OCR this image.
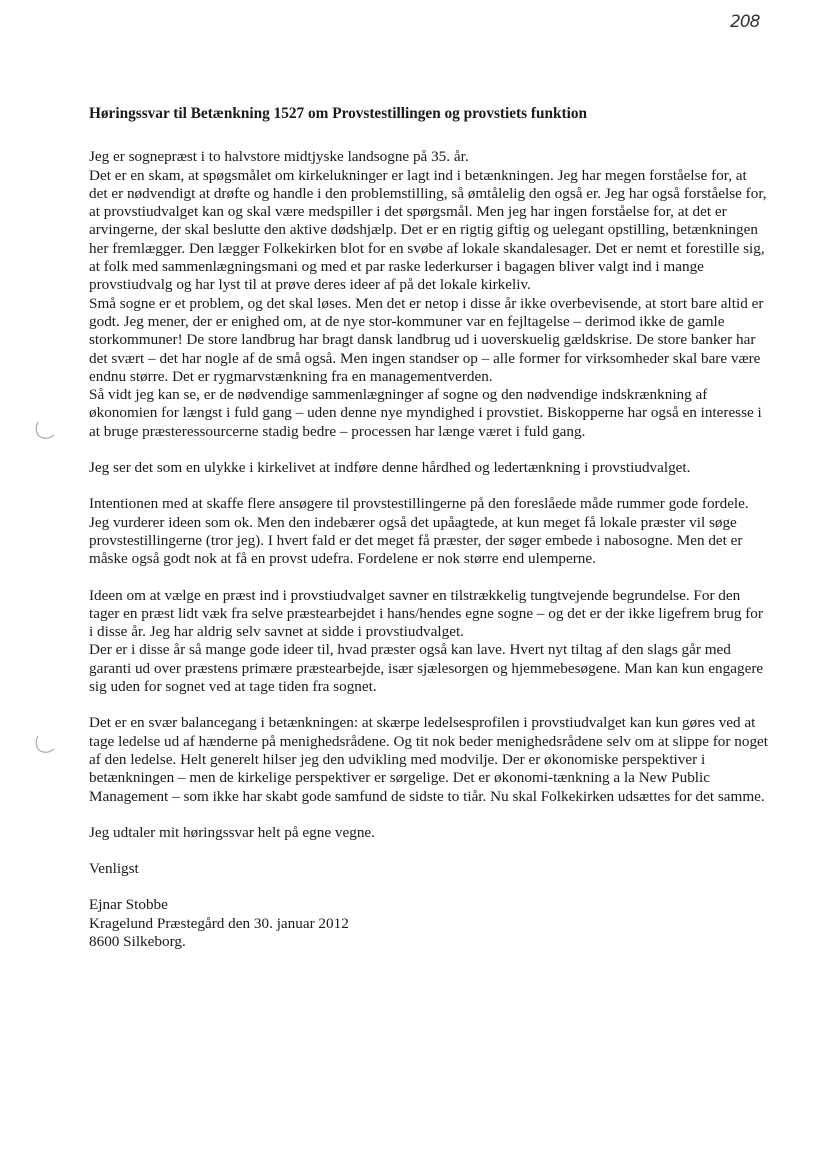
208

Høringssvar til Betænkning 1527 om Provstestillingen og provstiets funktion

Jeg er sognepræst i to halvstore midtjyske landsogne på 35. år.

Det er en skam, at spøgsmålet om kirkelukninger er lagt ind i betænkningen. Jeg har megen forståelse for, at det er nødvendigt at drøfte og handle i den problemstilling, så ømtålelig den også er. Jeg har også forståelse for, at provstiudvalget kan og skal være medspiller i det spørgsmål. Men jeg har ingen forståelse for, at det er arvingerne, der skal beslutte den aktive dødshjælp. Det er en rigtig giftig og uelegant opstilling, betænkningen her fremlægger. Den lægger Folkekirken blot for en svøbe af lokale skandalesager. Det er nemt et forestille sig, at folk med sammenlægningsmani og med et par raske lederkurser i bagagen bliver valgt ind i mange provstiudvalg og har lyst til at prøve deres ideer af på det lokale kirkeliv.

Små sogne er et problem, og det skal løses. Men det er netop i disse år ikke overbevisende, at stort bare altid er godt. Jeg mener, der er enighed om, at de nye stor-kommuner var en fejltagelse – derimod ikke de gamle storkommuner! De store landbrug har bragt dansk landbrug ud i uoverskuelig gældskrise. De store banker har det svært – det har nogle af de små også. Men ingen standser op – alle former for virksomheder skal bare være endnu større. Det er rygmarvstænkning fra en managementverden.

Så vidt jeg kan se, er de nødvendige sammenlægninger af sogne og den nødvendige indskrænkning af økonomien for længst i fuld gang – uden denne nye myndighed i provstiet. Biskopperne har også en interesse i at bruge præsteressourcerne stadig bedre – processen har længe været i fuld gang.

Jeg ser det som en ulykke i kirkelivet at indføre denne hårdhed og ledertænkning i provstiudvalget.

Intentionen med at skaffe flere ansøgere til provstestillingerne på den foreslåede måde rummer gode fordele. Jeg vurderer ideen som ok. Men den indebærer også det upåagtede, at kun meget få lokale præster vil søge provstestillingerne (tror jeg). I hvert fald er det meget få præster, der søger embede i nabosogne. Men det er måske også godt nok at få en provst udefra. Fordelene er nok større end ulemperne.

Ideen om at vælge en præst ind i provstiudvalget savner en tilstrækkelig tungtvejende begrundelse. For den tager en præst lidt væk fra selve præstearbejdet i hans/hendes egne sogne – og det er der ikke ligefrem brug for i disse år. Jeg har aldrig selv savnet at sidde i provstiudvalget.

Der er i disse år så mange gode ideer til, hvad præster også kan lave. Hvert nyt tiltag af den slags går med garanti ud over præstens primære præstearbejde, især sjælesorgen og hjemmebesøgene. Man kan kun engagere sig uden for sognet ved at tage tiden fra sognet.

Det er en svær balancegang i betænkningen: at skærpe ledelsesprofilen i provstiudvalget kan kun gøres ved at tage ledelse ud af hænderne på menighedsrådene. Og tit nok beder menighedsrådene selv om at slippe for noget af den ledelse. Helt generelt hilser jeg den udvikling med modvilje. Der er økonomiske perspektiver i betænkningen – men de kirkelige perspektiver er sørgelige. Det er økonomi-tænkning a la New Public Management – som ikke har skabt gode samfund de sidste to tiår. Nu skal Folkekirken udsættes for det samme.

Jeg udtaler mit høringssvar helt på egne vegne.

Venligst

Ejnar Stobbe

Kragelund Præstegård den 30. januar 2012

8600 Silkeborg.
